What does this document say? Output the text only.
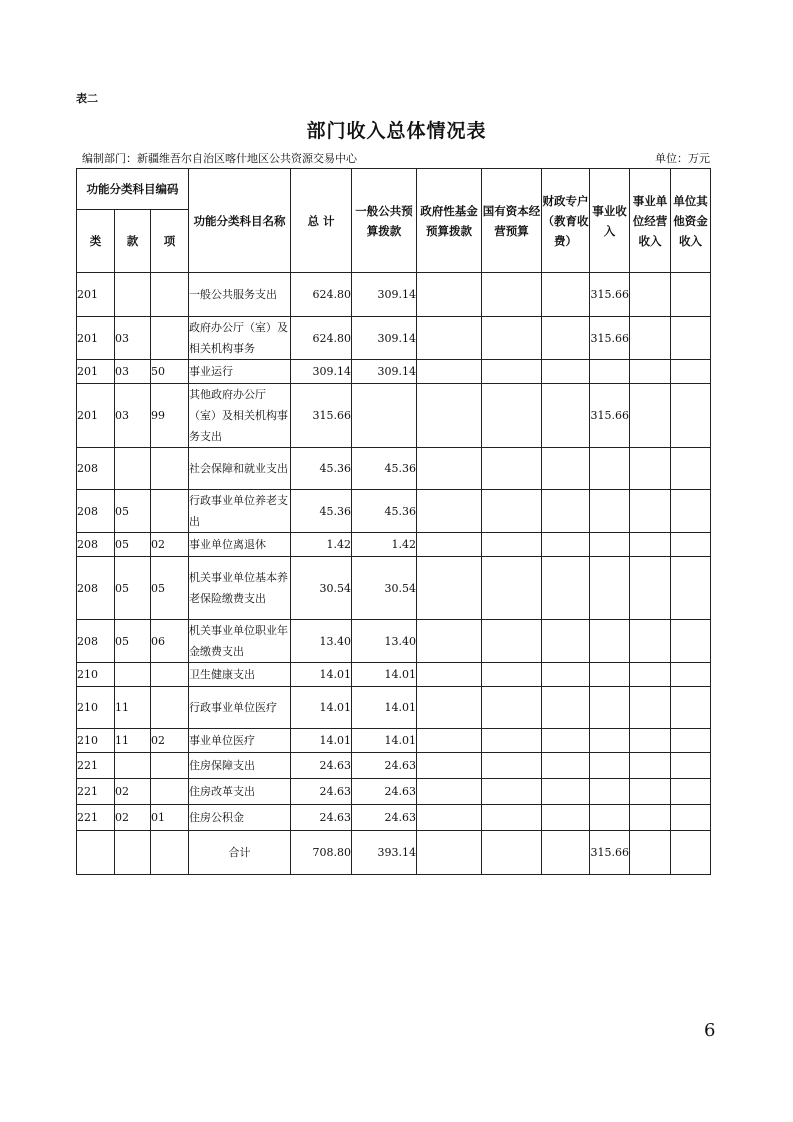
表二
部门收入总体情况表
编制部门：新疆维吾尔自治区喀什地区公共资源交易中心	单位：万元
功能分类科目编码			功能分类科目名称	总 计	一般公共预算拨款	政府性基金预算拨款	国有资本经营预算	财政专户（教育收费）	事业收入	事业单位经营收入	单位其他资金收入
类	款	项									
201			一般公共服务支出	624.80	309.14				315.66		
201	03		政府办公厅（室）及相关机构事务	624.80	309.14				315.66		
201	03	50	事业运行	309.14	309.14						
201	03	99	其他政府办公厅（室）及相关机构事务支出	315.66					315.66		
208			社会保障和就业支出	45.36	45.36						
208	05		行政事业单位养老支出	45.36	45.36						
208	05	02	事业单位离退休	1.42	1.42						
208	05	05	机关事业单位基本养老保险缴费支出	30.54	30.54						
208	05	06	机关事业单位职业年金缴费支出	13.40	13.40						
210			卫生健康支出	14.01	14.01						
210	11		行政事业单位医疗	14.01	14.01						
210	11	02	事业单位医疗	14.01	14.01						
221			住房保障支出	24.63	24.63						
221	02		住房改革支出	24.63	24.63						
221	02	01	住房公积金	24.63	24.63						
			合计	708.80	393.14				315.66		
6
